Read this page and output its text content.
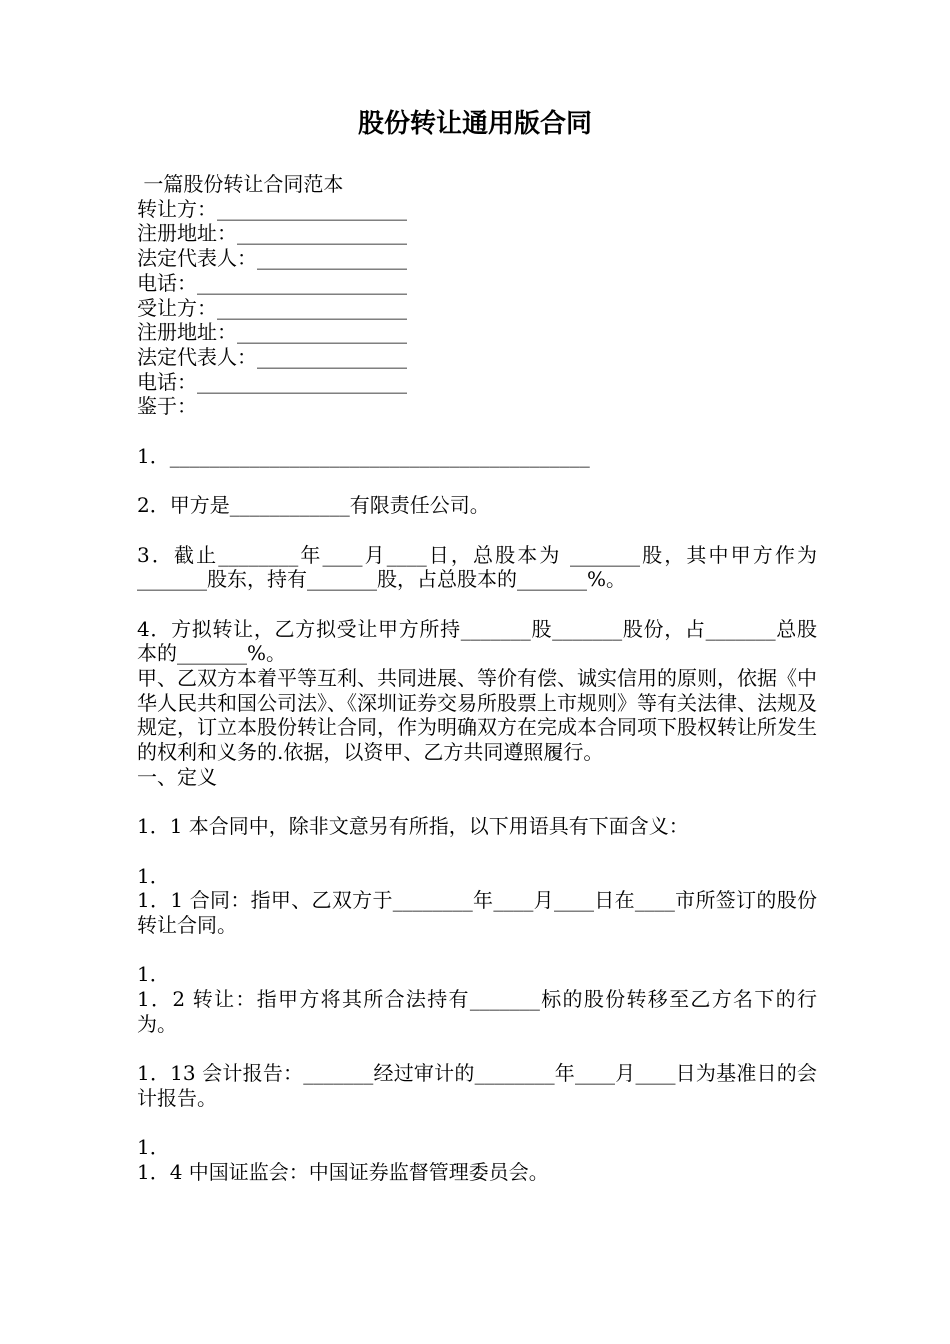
股份转让通用版合同

一篇股份转让合同范本

转让方：___________________

注册地址：_________________

法定代表人：_______________

电话：_____________________

受让方：___________________

注册地址：_________________

法定代表人：_______________

电话：_____________________

鉴于：

1．__________________________________________

2．甲方是____________有限责任公司。

3．截止________年____月____日，总股本为 _______股，其中甲方作为 _______股东，持有_______股，占总股本的_______%。

4．方拟转让，乙方拟受让甲方所持_______股_______股份，占_______总股本的_______%。

甲、乙双方本着平等互利、共同进展、等价有偿、诚实信用的原则，依据《中华人民共和国公司法》、《深圳证券交易所股票上市规则》等有关法律、法规及规定，订立本股份转让合同，作为明确双方在完成本合同项下股权转让所发生的权利和义务的.依据，以资甲、乙方共同遵照履行。

一、定义

1．1 本合同中，除非文意另有所指，以下用语具有下面含义：

1．

1．1 合同：指甲、乙双方于________年____月____日在____市所签订的股份转让合同。

1．

1．2 转让：指甲方将其所合法持有_______标的股份转移至乙方名下的行为。

1．13 会计报告：_______经过审计的________年____月____日为基准日的会计报告。

1．

1．4 中国证监会：中国证券监督管理委员会。
